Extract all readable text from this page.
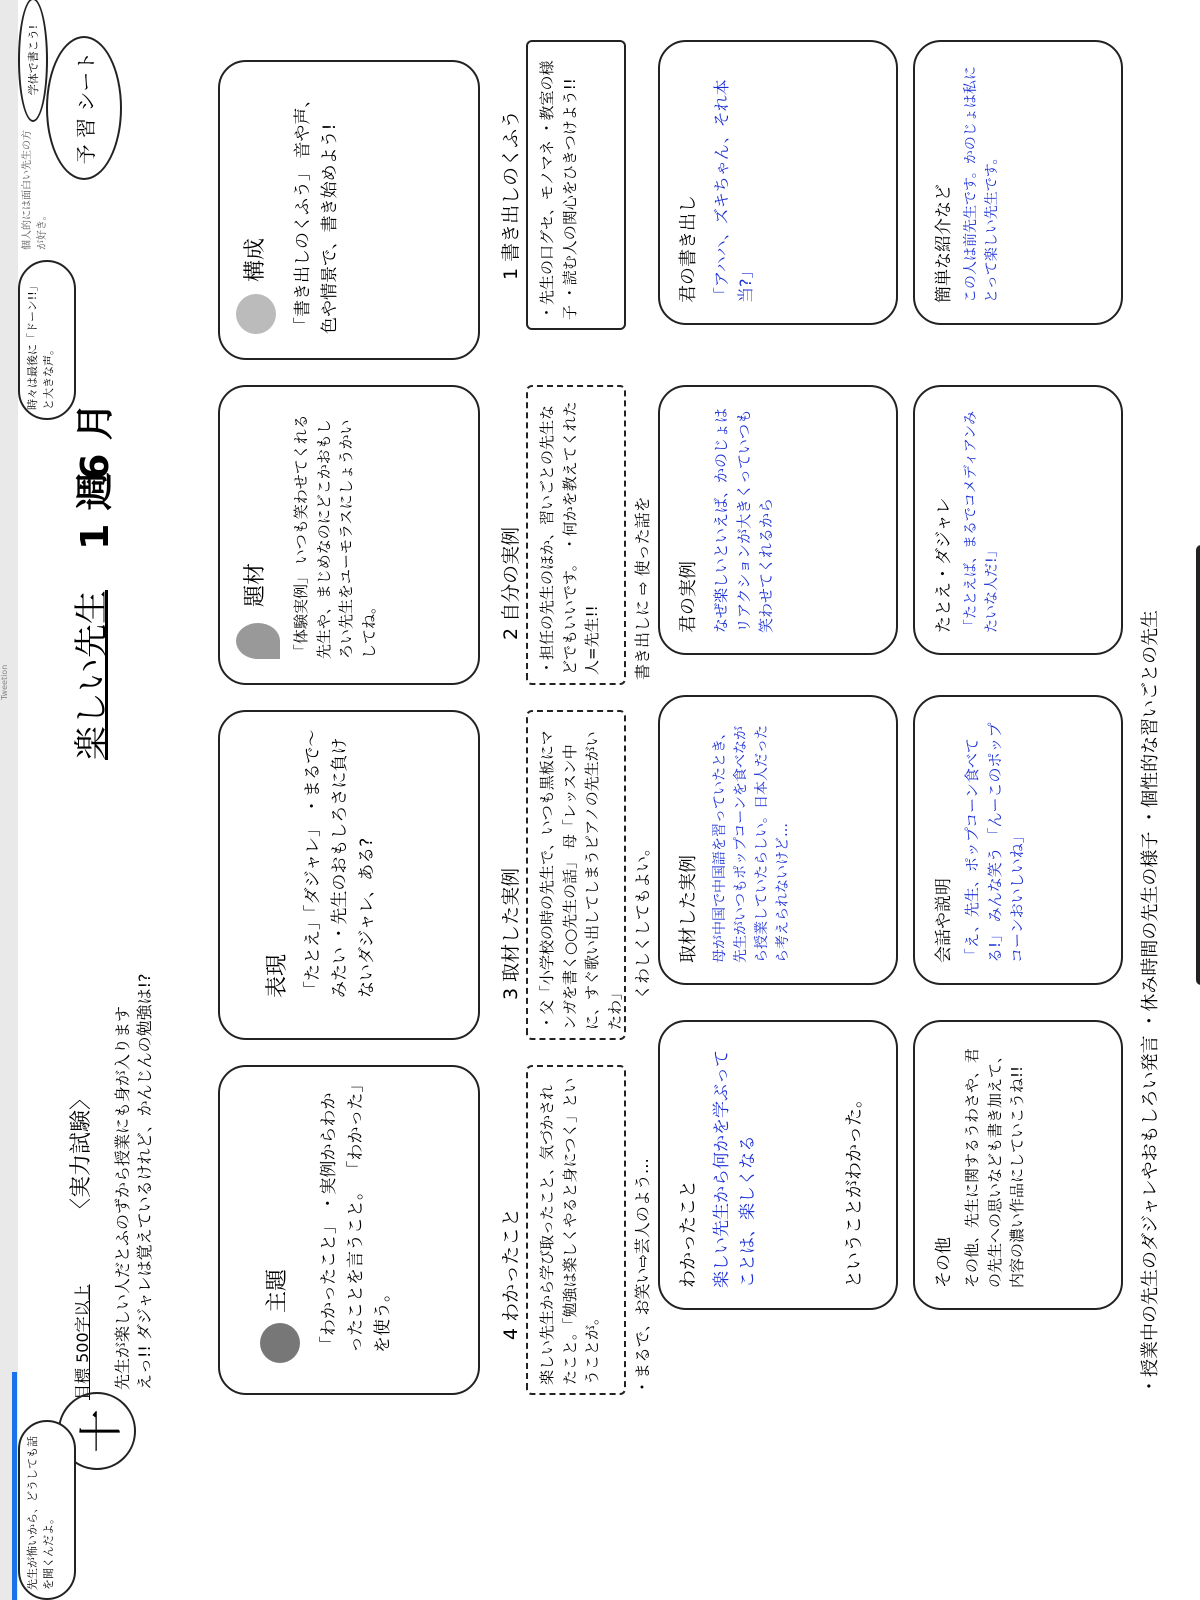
Tweetion
予 習 シート
学体で書こう!
6 月
1 週
楽しい先生
〈実力試験〉
目標 500字以上
十
先生が楽しい人だとふのずから授業にも身が入ります えっ!! ダジャレは覚えているけれど、かんじんの勉強は!?
先生が怖いから、どうしても話を聞くんだよ。
時々は最後に「ドーン!!」と大きな声。
個人的には面白い先生の方が好き。
構成 「書き出しのくふう」 音や声、色や情景で、書き始めよう!
題材 「体験実例」 いつも笑わせてくれる先生や、まじめなのにどこかおもしろい先生をユーモラスにしょうかいしてね。
表現 「たとえ」「ダジャレ」 ・まるで～みたい ・先生のおもしろさに負けないダジャレ、ある?
主題 「わかったこと」 ・実例からわかったことを言うこと。 「わかった」を使う。
1 書き出しのくふう
2 自分の実例
3 取材した実例
4 わかったこと
・先生の口グセ、モノマネ ・教室の様子 ・読む人の関心をひきつけよう!!
・担任の先生のほか、習いごとの先生などでもいいです。 ・何かを教えてくれた人=先生!!
・父「小学校の時の先生で、いつも黒板にマンガを書く○○先生の話」 母「レッスン中に、すぐ歌い出してしまうピアノの先生がいたわ」
楽しい先生から学び取ったこと、気づかされたこと。「勉強は楽しくやると身につく」ということが。
書き出しに ⇨ 使った話を
くわしくしてもよい。
・まるで、お笑い⇨芸人のよう…
君の書き出し 「アハハ、ズキちゃん、それ本当?」
君の実例 なぜ楽しいといえば、かのじょはリアクションが大きくっていつも笑わせてくれるから
取材した実例 母が中国で中国語を習っていたとき、先生がいつもポップコーンを食べながら授業していたらしい。日本人だったら考えられないけど…
わかったこと 楽しい先生から何かを学ぶってことは、楽しくなる	ということがわかった。
簡単な紹介など この人は前先生です。かのじょは私にとって楽しい先生です。
たとえ・ダジャレ 「たとえば、まるでコメディアンみたいな人だ!」
会話や説明 「え、先生、ポップコーン食べてる!」 みんな笑う 「んーこのポップコーンおいしいね」
その他 その他、先生に関するうわさや、君の先生への思いなども書き加えて、内容の濃い作品にしていこうね!!	・授業中の先生のダジャレやおもしろい発言 ・休み時間の先生の様子 ・個性的な習いごとの先生
